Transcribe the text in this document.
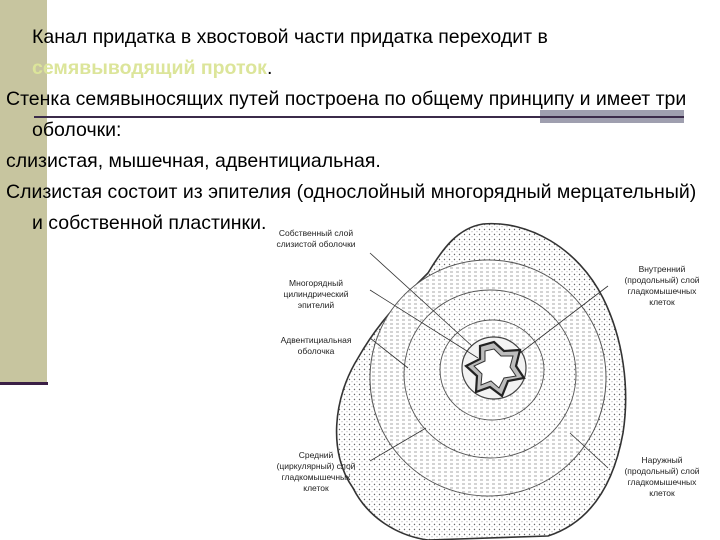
Канал придатка в хвостовой части придатка переходит в семявыводящий проток.

Стенка семявыносящих путей построена по общему принципу и имеет три оболочки:

слизистая, мышечная, адвентициальная.

Слизистая состоит из эпителия (однослойный многорядный мерцательный) и собственной пластинки.	Собственный слой
слизистой оболочки
Многорядный
цилиндрический
эпителий
Адвентициальная
оболочка
Средний
(циркулярный) слой
гладкомышечных
клеток
Внутренний
(продольный) слой
гладкомышечных
клеток
Наружный
(продольный) слой
гладкомышечных
клеток
